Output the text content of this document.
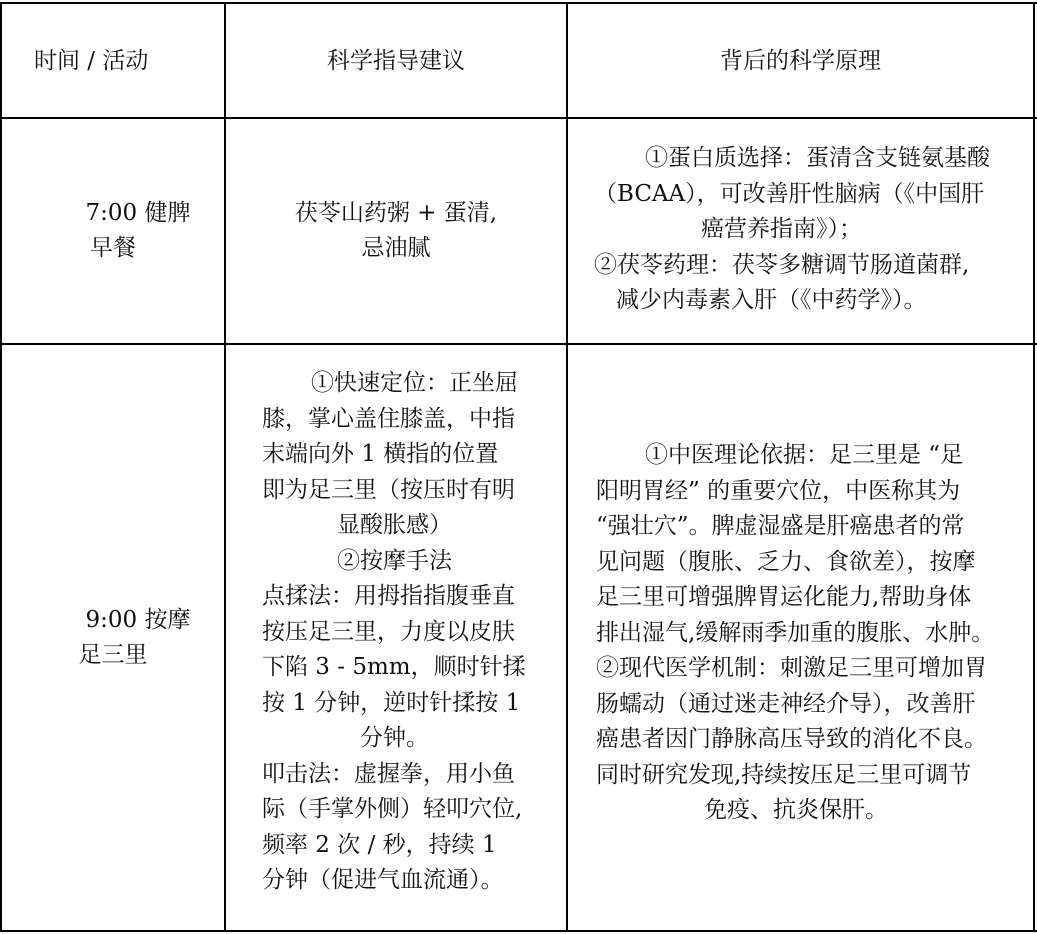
时间 / 活动	科学指导建议	背后的科学原理
7:00 健脾
早餐
茯苓山药粥 + 蛋清,
忌油腻
①蛋白质选择：蛋清含支链氨基酸
（BCAA），可改善肝性脑病（《中国肝
癌营养指南》）；
②茯苓药理：茯苓多糖调节肠道菌群,
减少内毒素入肝（《中药学》）。
9:00 按摩
足三里
①快速定位：正坐屈
膝，掌心盖住膝盖，中指
末端向外 1 横指的位置
即为足三里（按压时有明
显酸胀感）
②按摩手法
点揉法：用拇指指腹垂直
按压足三里，力度以皮肤
下陷 3 - 5mm，顺时针揉
按 1 分钟，逆时针揉按 1
分钟。
叩击法：虚握拳，用小鱼
际（手掌外侧）轻叩穴位,
频率 2 次 / 秒，持续 1
分钟（促进气血流通）。
①中医理论依据：足三里是 “足
阳明胃经” 的重要穴位，中医称其为
“强壮穴”。脾虚湿盛是肝癌患者的常
见问题（腹胀、乏力、食欲差），按摩
足三里可增强脾胃运化能力,帮助身体
排出湿气,缓解雨季加重的腹胀、水肿。
②现代医学机制：刺激足三里可增加胃
肠蠕动（通过迷走神经介导），改善肝
癌患者因门静脉高压导致的消化不良。
同时研究发现,持续按压足三里可调节
免疫、抗炎保肝。
